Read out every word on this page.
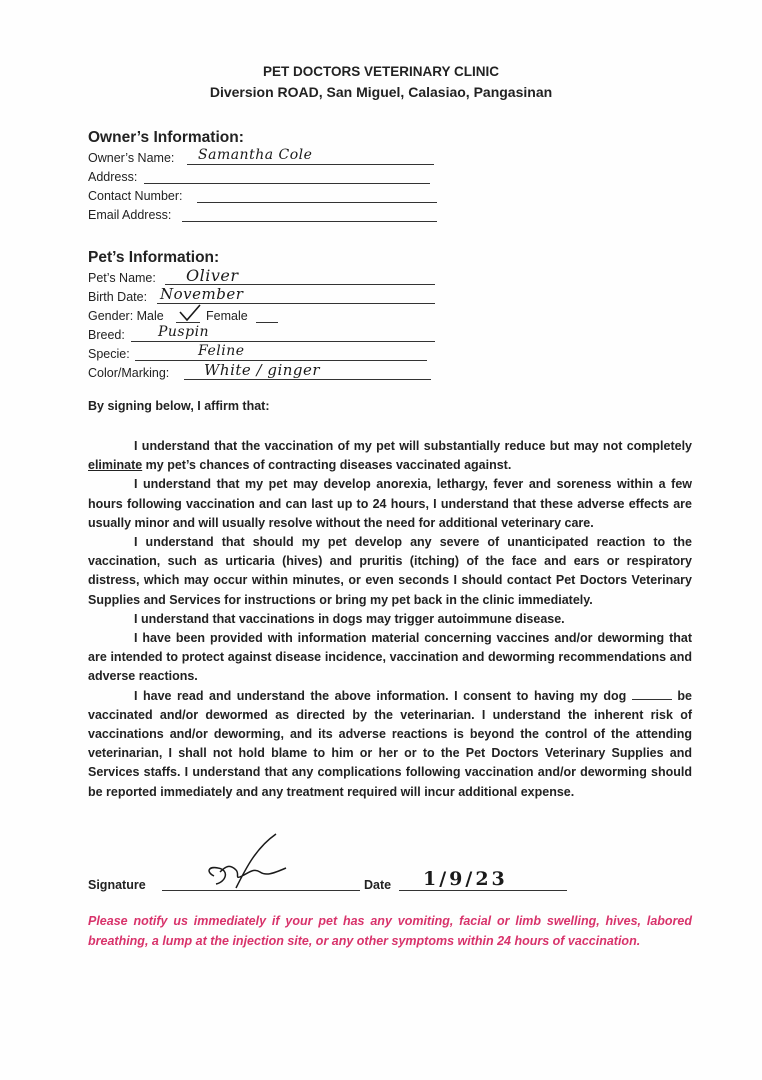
PET DOCTORS VETERINARY CLINIC
Diversion ROAD, San Miguel, Calasiao, Pangasinan
Owner’s Information:
Owner’s Name: Samantha Cole
Address:
Contact Number:
Email Address:
Pet’s Information:
Pet’s Name: Oliver
Birth Date: November
Gender: Male	Female
Breed: Puspin
Specie:	Feline
Color/Marking: White / ginger
By signing below, I affirm that:

I understand that the vaccination of my pet will substantially reduce but may not completely eliminate my pet’s chances of contracting diseases vaccinated against.

I understand that my pet may develop anorexia, lethargy, fever and soreness within a few hours following vaccination and can last up to 24 hours, I understand that these adverse effects are usually minor and will usually resolve without the need for additional veterinary care.

I understand that should my pet develop any severe of unanticipated reaction to the vaccination, such as urticaria (hives) and pruritis (itching) of the face and ears or respiratory distress, which may occur within minutes, or even seconds I should contact Pet Doctors Veterinary Supplies and Services for instructions or bring my pet back in the clinic immediately.

I understand that vaccinations in dogs may trigger autoimmune disease.

I have been provided with information material concerning vaccines and/or deworming that are intended to protect against disease incidence, vaccination and deworming recommendations and adverse reactions.

I have read and understand the above information. I consent to having my dog	be vaccinated and/or dewormed as directed by the veterinarian. I understand the inherent risk of vaccinations and/or deworming, and its adverse reactions is beyond the control of the attending veterinarian, I shall not hold blame to him or her or to the Pet Doctors Veterinary Supplies and Services staffs. I understand that any complications following vaccination and/or deworming should be reported immediately and any treatment required will incur additional expense.

Signature	Date 1/9/23
Please notify us immediately if your pet has any vomiting, facial or limb swelling, hives, labored breathing, a lump at the injection site, or any other symptoms within 24 hours of vaccination.
